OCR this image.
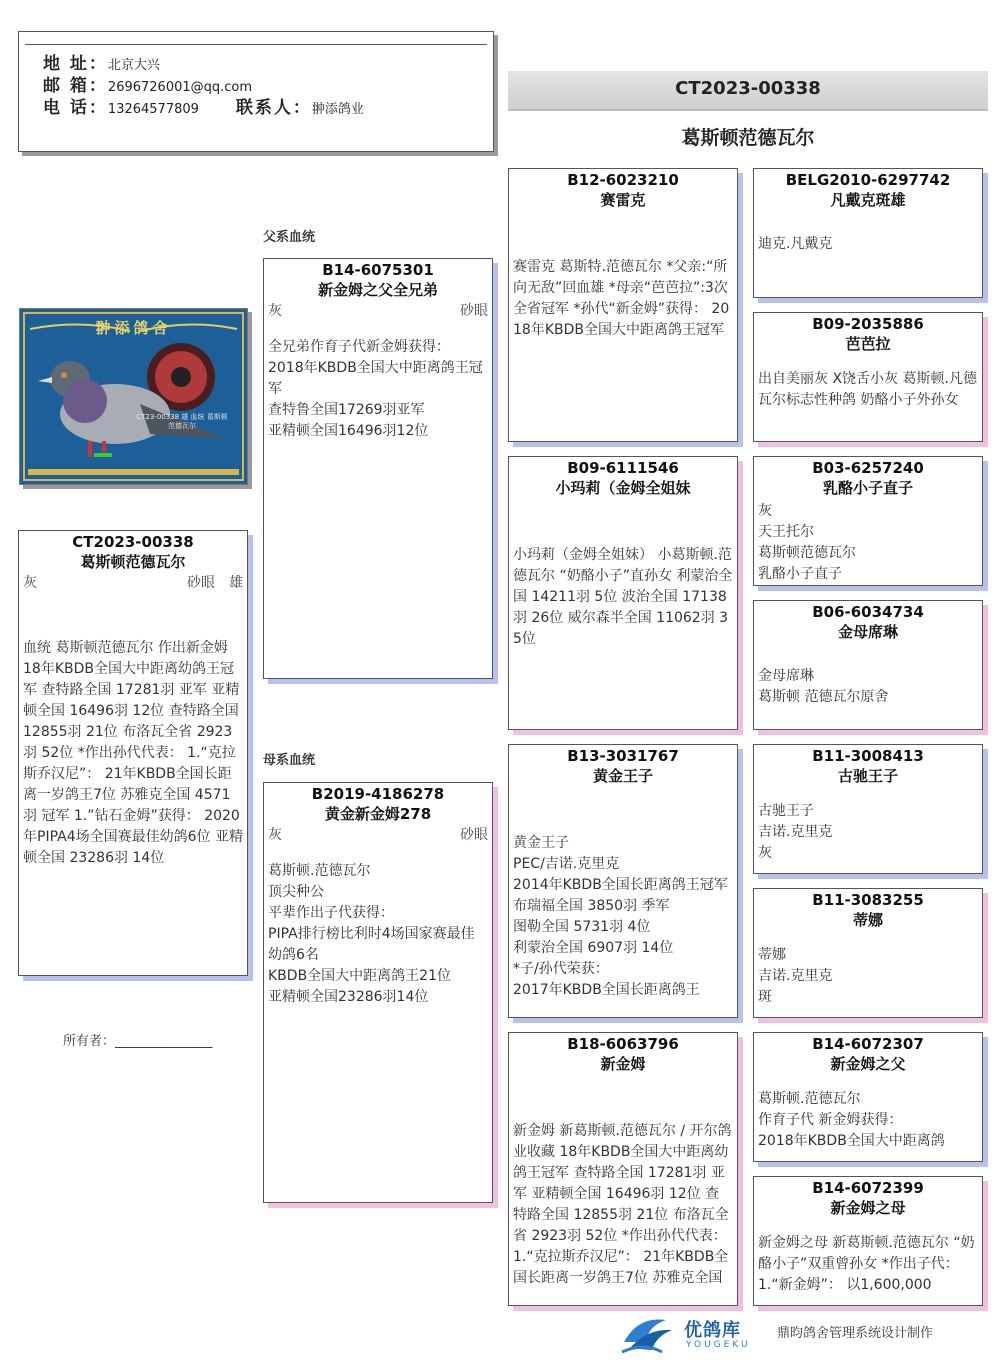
地 址：北京大兴
邮 箱：2696726001@qq.com
电 话：13264577809 联系人：翀添鸽业
CT2023-00338
葛斯顿范德瓦尔
翀添鸽舍
CT23-00338 雄 血统 葛斯顿范德瓦尔
CT2023-00338
葛斯顿范德瓦尔
灰	砂眼 雄
血统 葛斯顿范德瓦尔 作出新金姆
18年KBDB全国大中距离幼鸽王冠军 查特路全国 17281羽 亚军 亚精顿全国 16496羽 12位 查特路全国 12855羽 21位 布洛瓦全省 2923羽 52位 *作出孙代代表： 1.“克拉斯乔汉尼”： 21年KBDB全国长距离一岁鸽王7位 苏雅克全国 4571羽 冠军 1.”钻石金姆”获得： 2020年PIPA4场全国赛最佳幼鸽6位 亚精顿全国 23286羽 14位
所有者：_______________
父系血统
母系血统
B14-6075301
新金姆之父全兄弟
灰	砂眼
全兄弟作育子代新金姆获得：
2018年KBDB全国大中距离鸽王冠军
查特鲁全国17269羽亚军
亚精顿全国16496羽12位
B2019-4186278
黄金新金姆278
灰	砂眼
葛斯顿.范德瓦尔
顶尖种公
平辈作出子代获得：
PIPA排行榜比利时4场国家赛最佳幼鸽6名
KBDB全国大中距离鸽王21位
亚精顿全国23286羽14位
B12-6023210
赛雷克
赛雷克 葛斯特.范德瓦尔 *父亲:“所向无敌”回血雄 *母亲“芭芭拉”:3次全省冠军 *孙代“新金姆”获得： 2018年KBDB全国大中距离鸽王冠军
B09-6111546
小玛莉（金姆全姐妹
小玛莉（金姆全姐妹） 小葛斯顿.范德瓦尔 “奶酪小子”直孙女 利蒙治全国 14211羽 5位 波治全国 17138羽 26位 威尔森半全国 11062羽 35位
B13-3031767
黄金王子
黄金王子
PEC/吉诺.克里克
2014年KBDB全国长距离鸽王冠军
布瑞福全国 3850羽 季军
图勒全国 5731羽 4位
利蒙治全国 6907羽 14位
*子/孙代荣获：
2017年KBDB全国长距离鸽王
B18-6063796
新金姆
新金姆 新葛斯顿.范德瓦尔 / 开尔鸽业收藏 18年KBDB全国大中距离幼鸽王冠军 查特路全国 17281羽 亚军 亚精顿全国 16496羽 12位 查特路全国 12855羽 21位 布洛瓦全省 2923羽 52位 *作出孙代代表： 1.“克拉斯乔汉尼”： 21年KBDB全国长距离一岁鸽王7位 苏雅克全国
BELG2010-6297742
凡戴克斑雄
迪克.凡戴克
B09-2035886
芭芭拉
出自美丽灰 X饶舌小灰 葛斯顿.凡德瓦尔标志性种鸽 奶酪小子外孙女
B03-6257240
乳酪小子直子
灰
天王托尔
葛斯顿范德瓦尔
乳酪小子直子
B06-6034734
金母席琳
金母席琳
葛斯顿 范德瓦尔原舍
B11-3008413
古驰王子
古驰王子
吉诺.克里克
灰
B11-3083255
蒂娜
蒂娜
吉诺.克里克
斑
B14-6072307
新金姆之父
葛斯顿.范德瓦尔
作育子代 新金姆获得：
2018年KBDB全国大中距离鸽
B14-6072399
新金姆之母
新金姆之母 新葛斯顿.范德瓦尔 “奶酪小子”双重曾孙女 *作出子代： 1.“新金姆”： 以1,600,000
优鸽库
YOUGEKU
鼎昀鸽舍管理系统设计制作
